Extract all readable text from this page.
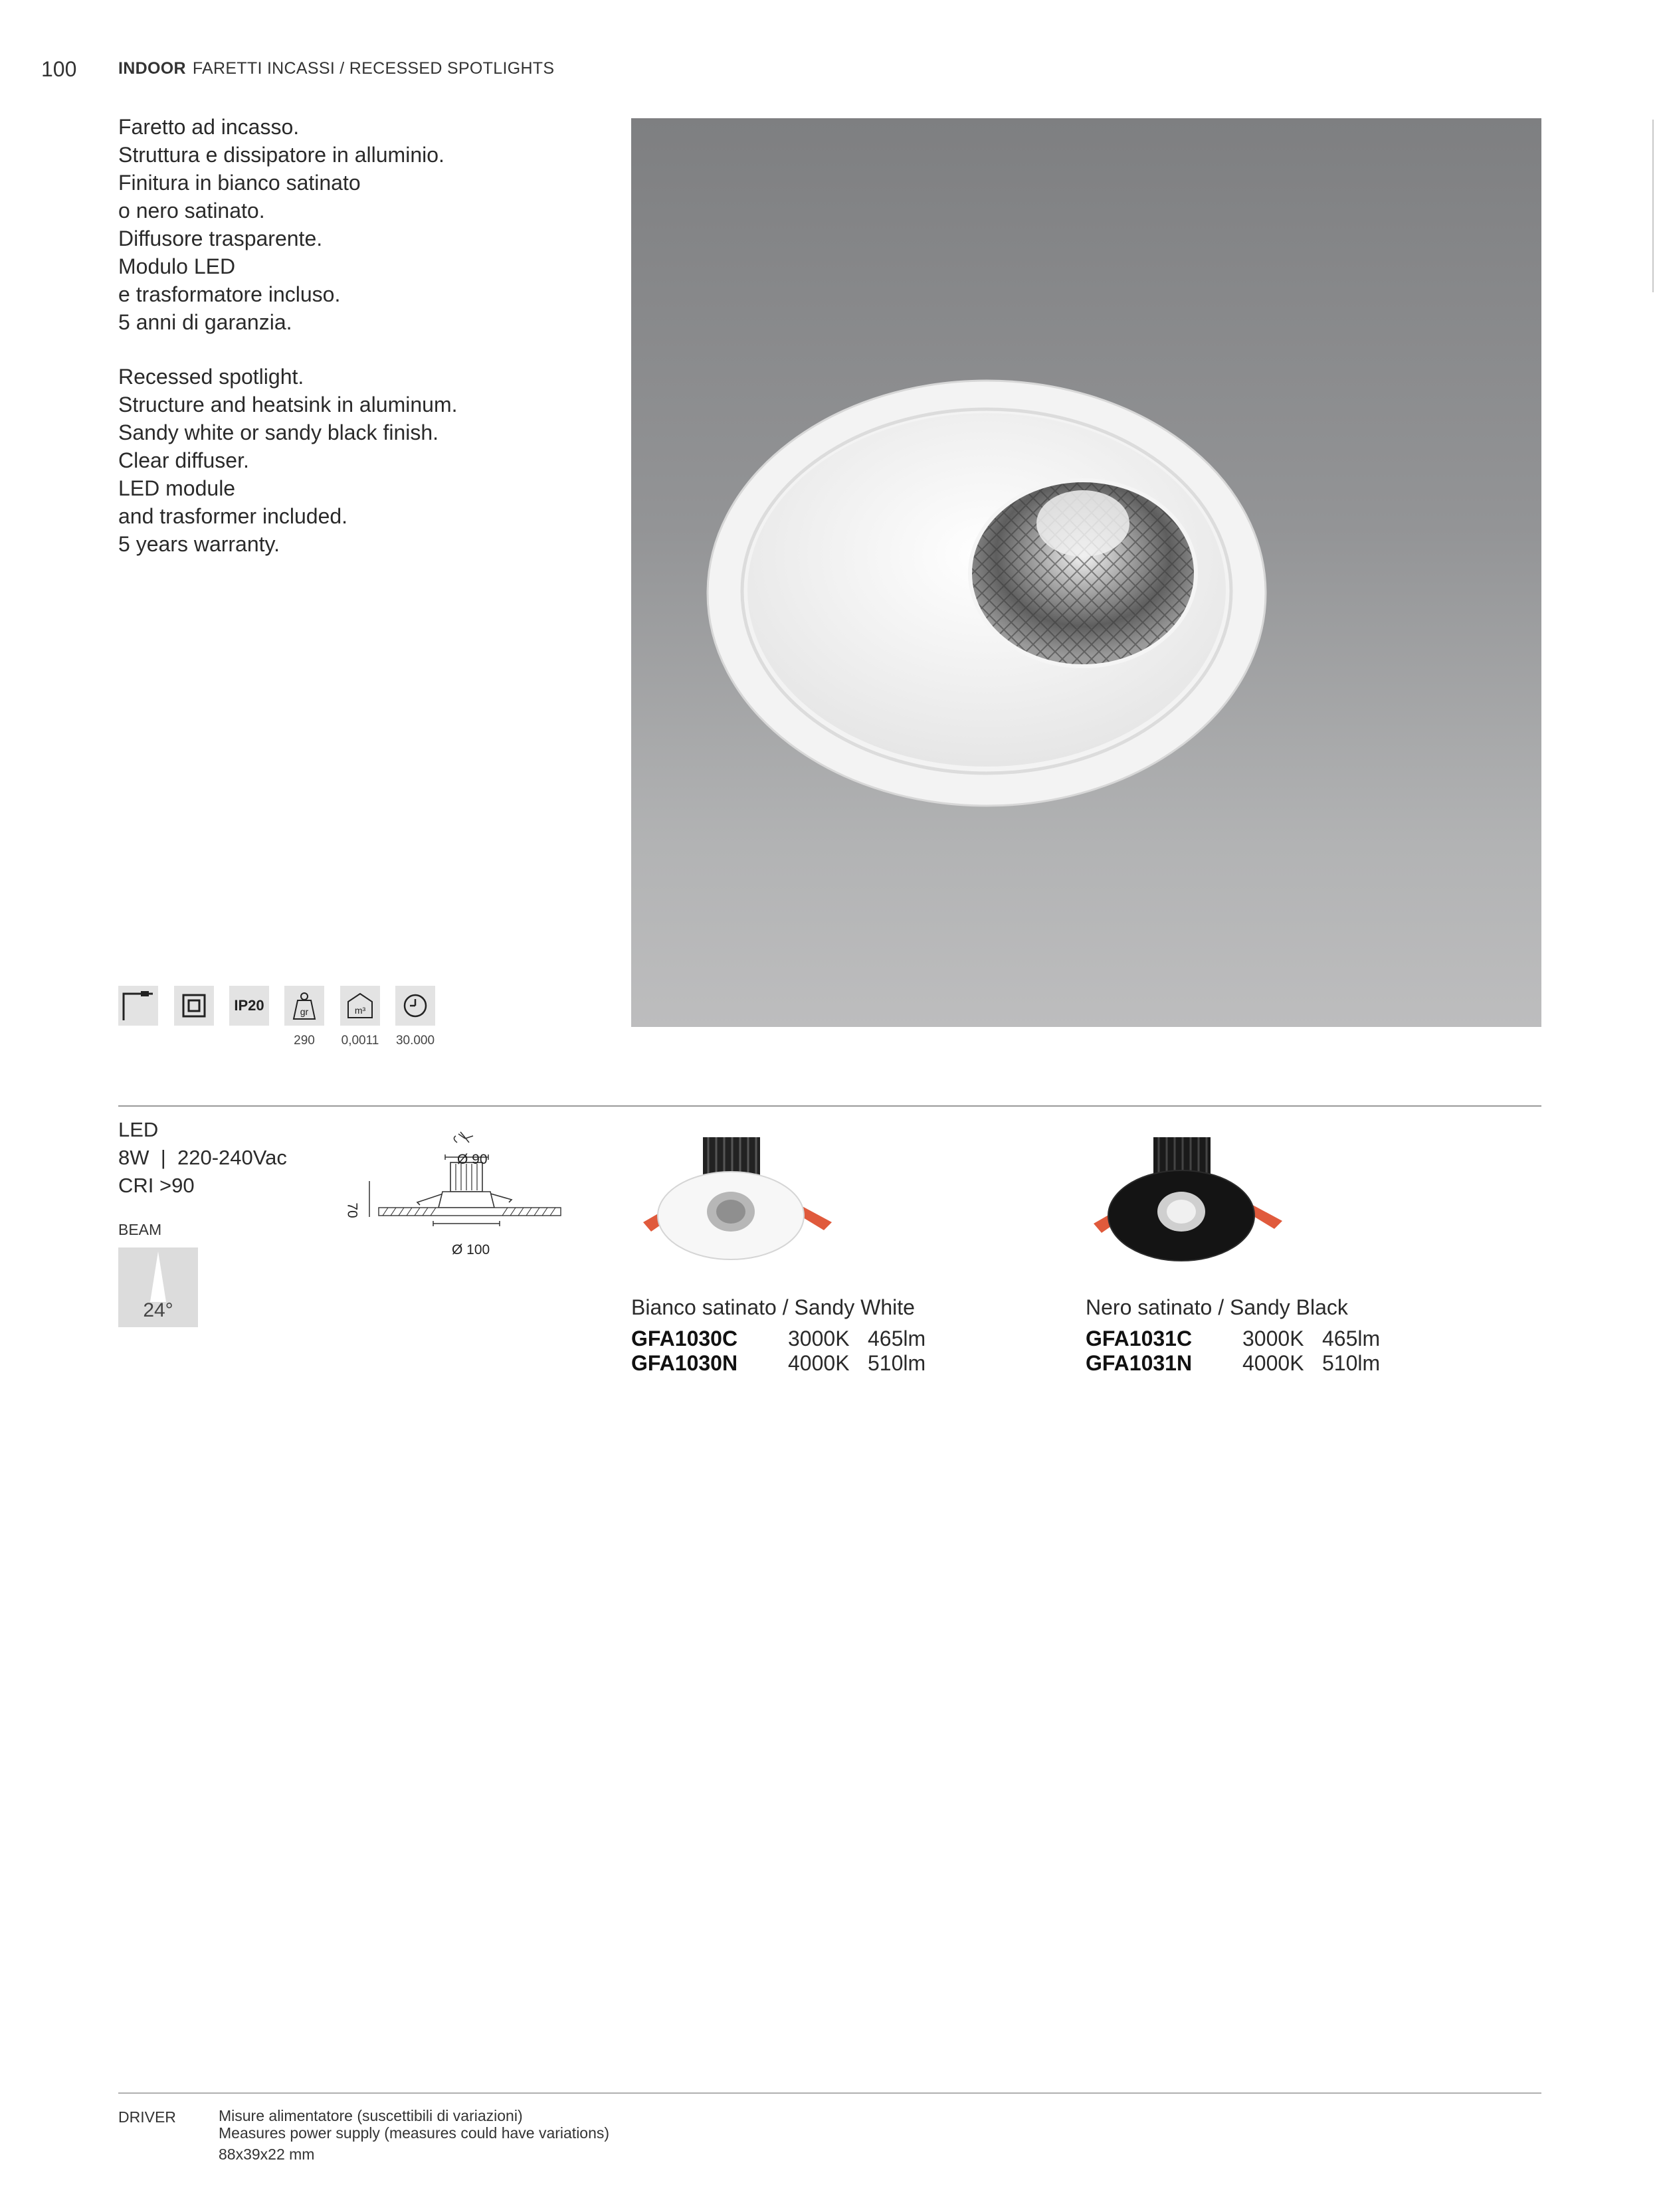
100	INDOOR FARETTI INCASSI / RECESSED SPOTLIGHTS
Faretto ad incasso.
Struttura e dissipatore in alluminio.
Finitura in bianco satinato
o nero satinato.
Diffusore trasparente.
Modulo LED
e trasformatore incluso.
5 anni di garanzia.
Recessed spotlight.
Structure and heatsink in aluminum.
Sandy white or sandy black finish.
Clear diffuser.
LED module
and trasformer included.
5 years warranty.
IP20	gr	m³
290	0,0011	30.000
LED
8W  |  220-240Vac
CRI >90
BEAM
24°
Ø 90
70
Ø 100
Bianco satinato / Sandy White
GFA1030C 3000K 465lm
GFA1030N 4000K 510lm
Nero satinato / Sandy Black
GFA1031C 3000K 465lm
GFA1031N 4000K 510lm
DRIVER	Misure alimentatore (suscettibili di variazioni)
Measures power supply (measures could have variations)
88x39x22 mm
